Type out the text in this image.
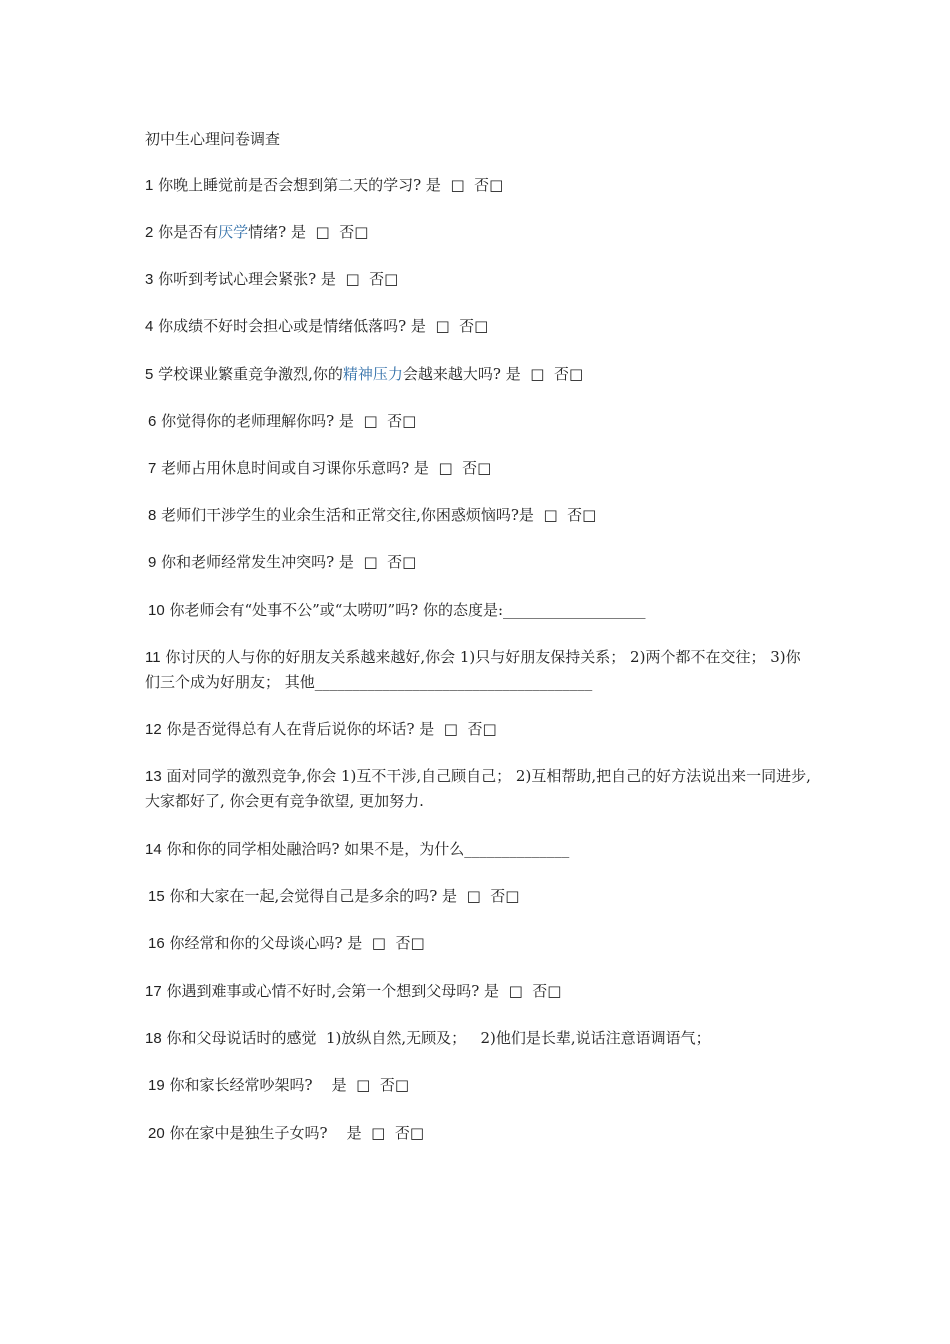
初中生心理问卷调查
1 你晚上睡觉前是否会想到第二天的学习? 是  □  否□
2 你是否有厌学情绪? 是  □  否□
3 你听到考试心理会紧张? 是  □  否□
4 你成绩不好时会担心或是情绪低落吗? 是  □  否□
5 学校课业繁重竞争激烈,你的精神压力会越来越大吗? 是  □  否□
6 你觉得你的老师理解你吗? 是  □  否□
7 老师占用休息时间或自习课你乐意吗? 是  □  否□
8 老师们干涉学生的业余生活和正常交往,你困惑烦恼吗?是  □  否□
9 你和老师经常发生冲突吗? 是  □  否□
10 你老师会有“处事不公”或“太唠叨”吗? 你的态度是:___________________
11 你讨厌的人与你的好朋友关系越来越好,你会 1)只与好朋友保持关系； 2)两个都不在交往； 3)你们三个成为好朋友； 其他_____________________________________
12 你是否觉得总有人在背后说你的坏话? 是  □  否□
13 面对同学的激烈竞争,你会 1)互不干涉,自己顾自己； 2)互相帮助,把自己的好方法说出来一同进步,大家都好了, 你会更有竞争欲望, 更加努力.
14 你和你的同学相处融洽吗? 如果不是，为什么______________
15 你和大家在一起,会觉得自己是多余的吗? 是  □  否□
16 你经常和你的父母谈心吗? 是  □  否□
17 你遇到难事或心情不好时,会第一个想到父母吗? 是  □  否□
18 你和父母说话时的感觉  1)放纵自然,无顾及；   2)他们是长辈,说话注意语调语气；
19 你和家长经常吵架吗?    是  □  否□
20 你在家中是独生子女吗?    是  □  否□
